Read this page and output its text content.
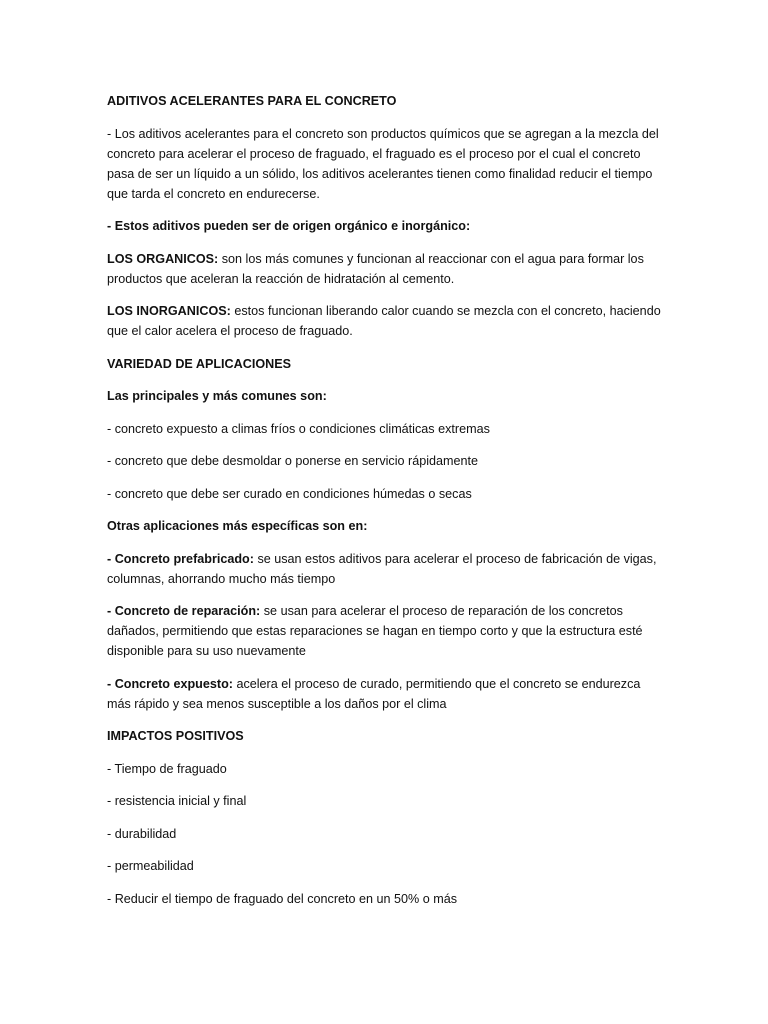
ADITIVOS ACELERANTES PARA EL CONCRETO

- Los aditivos acelerantes para el concreto son productos químicos que se agregan a la mezcla del concreto para acelerar el proceso de fraguado, el fraguado es el proceso por el cual el concreto pasa de ser un líquido a un sólido, los aditivos acelerantes tienen como finalidad reducir el tiempo que tarda el concreto en endurecerse.

- Estos aditivos pueden ser de origen orgánico e inorgánico:

LOS ORGANICOS: son los más comunes y funcionan al reaccionar con el agua para formar los productos que aceleran la reacción de hidratación al cemento.

LOS INORGANICOS: estos funcionan liberando calor cuando se mezcla con el concreto, haciendo que el calor acelera el proceso de fraguado.

VARIEDAD DE APLICACIONES

Las principales y más comunes son:

- concreto expuesto a climas fríos o condiciones climáticas extremas

- concreto que debe desmoldar o ponerse en servicio rápidamente

- concreto que debe ser curado en condiciones húmedas o secas

Otras aplicaciones más específicas son en:

- Concreto prefabricado: se usan estos aditivos para acelerar el proceso de fabricación de vigas, columnas, ahorrando mucho más tiempo

- Concreto de reparación: se usan para acelerar el proceso de reparación de los concretos dañados, permitiendo que estas reparaciones se hagan en tiempo corto y que la estructura esté disponible para su uso nuevamente

- Concreto expuesto: acelera el proceso de curado, permitiendo que el concreto se endurezca más rápido y sea menos susceptible a los daños por el clima

IMPACTOS POSITIVOS

- Tiempo de fraguado

- resistencia inicial y final

- durabilidad

- permeabilidad

- Reducir el tiempo de fraguado del concreto en un 50% o más
